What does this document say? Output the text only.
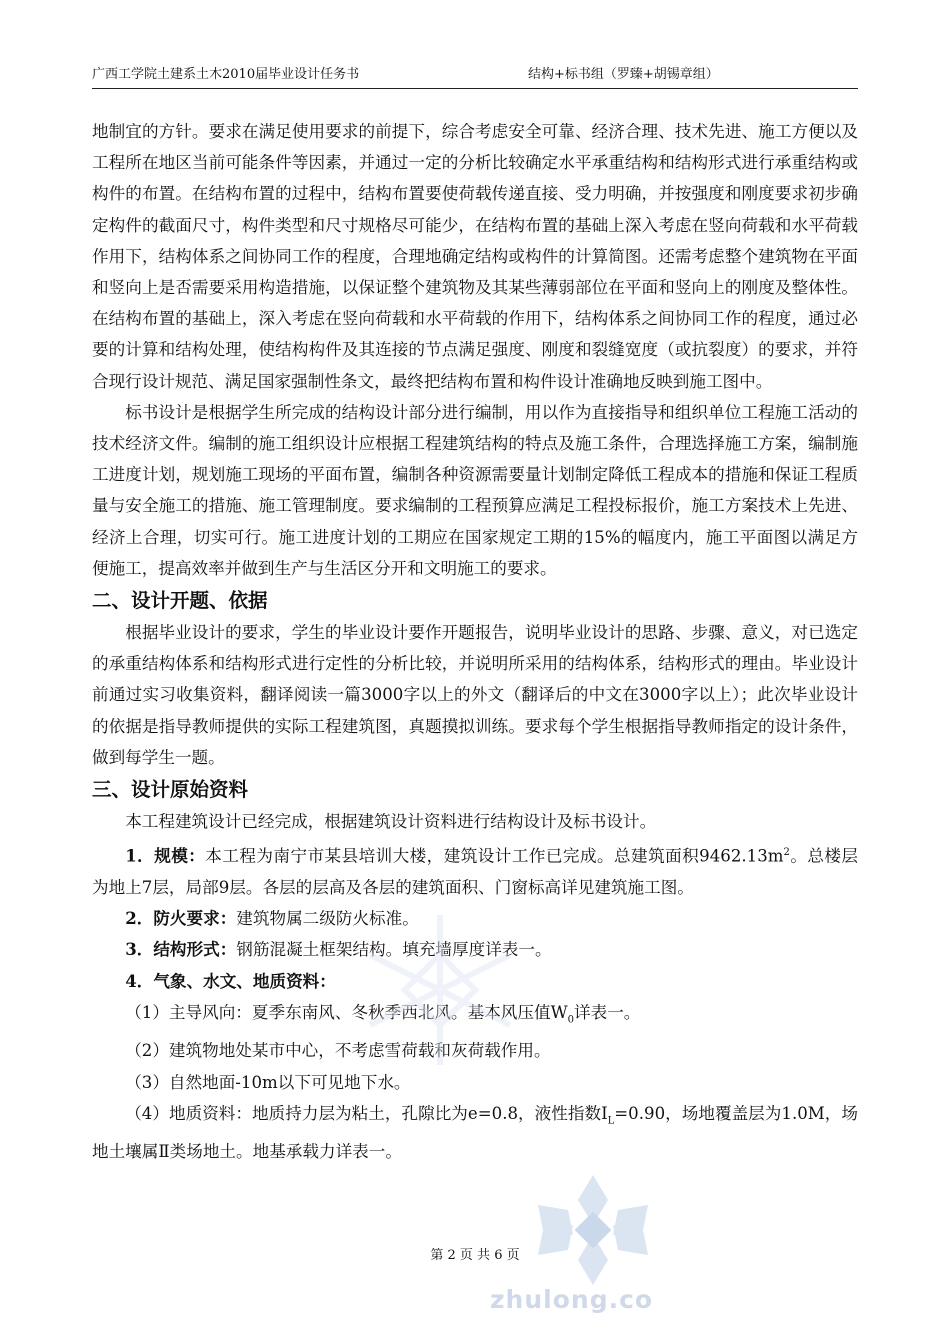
广西工学院土建系土木2010届毕业设计任务书	结构+标书组（罗臻+胡锡章组）

地制宜的方针。要求在满足使用要求的前提下，综合考虑安全可靠、经济合理、技术先进、施工方便以及工程所在地区当前可能条件等因素，并通过一定的分析比较确定水平承重结构和结构形式进行承重结构或构件的布置。在结构布置的过程中，结构布置要使荷载传递直接、受力明确，并按强度和刚度要求初步确定构件的截面尺寸，构件类型和尺寸规格尽可能少，在结构布置的基础上深入考虑在竖向荷载和水平荷载作用下，结构体系之间协同工作的程度，合理地确定结构或构件的计算简图。还需考虑整个建筑物在平面和竖向上是否需要采用构造措施，以保证整个建筑物及其某些薄弱部位在平面和竖向上的刚度及整体性。在结构布置的基础上，深入考虑在竖向荷载和水平荷载的作用下，结构体系之间协同工作的程度，通过必要的计算和结构处理，使结构构件及其连接的节点满足强度、刚度和裂缝宽度（或抗裂度）的要求，并符合现行设计规范、满足国家强制性条文，最终把结构布置和构件设计准确地反映到施工图中。

标书设计是根据学生所完成的结构设计部分进行编制，用以作为直接指导和组织单位工程施工活动的技术经济文件。编制的施工组织设计应根据工程建筑结构的特点及施工条件，合理选择施工方案，编制施工进度计划，规划施工现场的平面布置，编制各种资源需要量计划制定降低工程成本的措施和保证工程质量与安全施工的措施、施工管理制度。要求编制的工程预算应满足工程投标报价，施工方案技术上先进、经济上合理，切实可行。施工进度计划的工期应在国家规定工期的15%的幅度内，施工平面图以满足方便施工，提高效率并做到生产与生活区分开和文明施工的要求。

二、设计开题、依据

根据毕业设计的要求，学生的毕业设计要作开题报告，说明毕业设计的思路、步骤、意义，对已选定的承重结构体系和结构形式进行定性的分析比较，并说明所采用的结构体系，结构形式的理由。毕业设计前通过实习收集资料，翻译阅读一篇3000字以上的外文（翻译后的中文在3000字以上）；此次毕业设计的依据是指导教师提供的实际工程建筑图，真题摸拟训练。要求每个学生根据指导教师指定的设计条件，做到每学生一题。

三、设计原始资料

本工程建筑设计已经完成，根据建筑设计资料进行结构设计及标书设计。

1．规模：本工程为南宁市某县培训大楼，建筑设计工作已完成。总建筑面积$9462.13m^2$。总楼层为地上7层，局部9层。各层的层高及各层的建筑面积、门窗标高详见建筑施工图。

2．防火要求：建筑物属二级防火标准。

3．结构形式：钢筋混凝土框架结构。填充墙厚度详表一。

4．气象、水文、地质资料：

（1）主导风向：夏季东南风、冬秋季西北风。基本风压值$W_0$详表一。

（2）建筑物地处某市中心，不考虑雪荷载和灰荷载作用。

（3）自然地面-10m以下可见地下水。

（4）地质资料：地质持力层为粘土，孔隙比为e=0.8，液性指数$I_L=0.90$，场地覆盖层为1.0M，场地土壤属Ⅱ类场地土。地基承载力详表一。

第 2 页 共 6 页
zhulong.co
